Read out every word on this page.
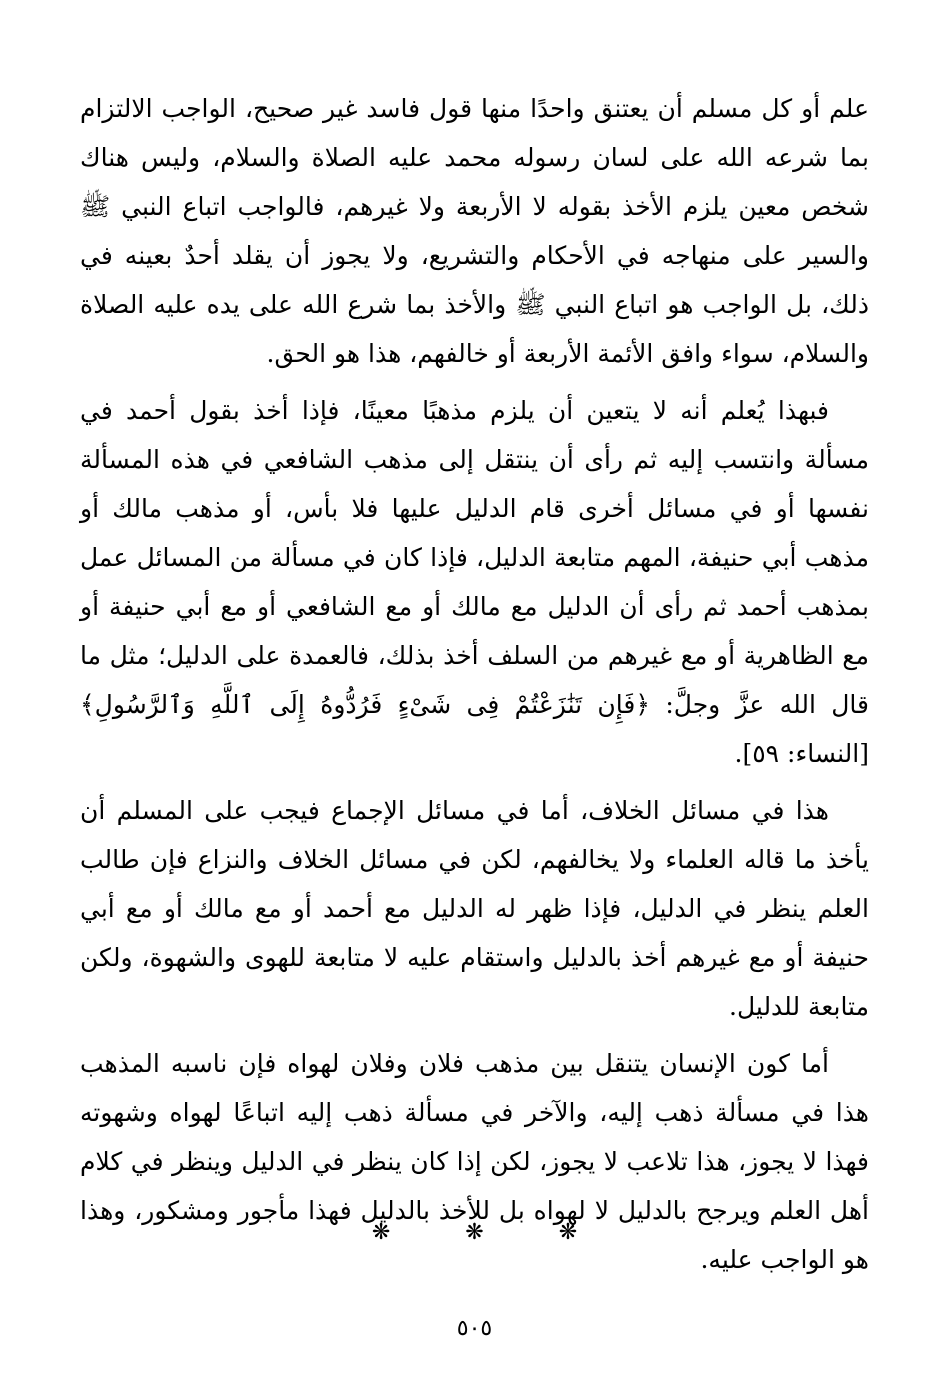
علم أو كل مسلم أن يعتنق واحدًا منها قول فاسد غير صحيح، الواجب الالتزام بما شرعه الله على لسان رسوله محمد عليه الصلاة والسلام، وليس هناك شخص معين يلزم الأخذ بقوله لا الأربعة ولا غيرهم، فالواجب اتباع النبي ﷺ والسير على منهاجه في الأحكام والتشريع، ولا يجوز أن يقلد أحدٌ بعينه في ذلك، بل الواجب هو اتباع النبي ﷺ والأخذ بما شرع الله على يده عليه الصلاة والسلام، سواء وافق الأئمة الأربعة أو خالفهم، هذا هو الحق.

فبهذا يُعلم أنه لا يتعين أن يلزم مذهبًا معينًا، فإذا أخذ بقول أحمد في مسألة وانتسب إليه ثم رأى أن ينتقل إلى مذهب الشافعي في هذه المسألة نفسها أو في مسائل أخرى قام الدليل عليها فلا بأس، أو مذهب مالك أو مذهب أبي حنيفة، المهم متابعة الدليل، فإذا كان في مسألة من المسائل عمل بمذهب أحمد ثم رأى أن الدليل مع مالك أو مع الشافعي أو مع أبي حنيفة أو مع الظاهرية أو مع غيرهم من السلف أخذ بذلك، فالعمدة على الدليل؛ مثل ما قال الله عزَّ وجلَّ: ﴿فَإِن تَنَٰزَعْتُمْ فِى شَىْءٍ فَرُدُّوهُ إِلَى ٱللَّهِ وَٱلرَّسُولِ﴾ [النساء: ٥٩].

هذا في مسائل الخلاف، أما في مسائل الإجماع فيجب على المسلم أن يأخذ ما قاله العلماء ولا يخالفهم، لكن في مسائل الخلاف والنزاع فإن طالب العلم ينظر في الدليل، فإذا ظهر له الدليل مع أحمد أو مع مالك أو مع أبي حنيفة أو مع غيرهم أخذ بالدليل واستقام عليه لا متابعة للهوى والشهوة، ولكن متابعة للدليل.

أما كون الإنسان يتنقل بين مذهب فلان وفلان لهواه فإن ناسبه المذهب هذا في مسألة ذهب إليه، والآخر في مسألة ذهب إليه اتباعًا لهواه وشهوته فهذا لا يجوز، هذا تلاعب لا يجوز، لكن إذا كان ينظر في الدليل وينظر في كلام أهل العلم ويرجح بالدليل لا لهواه بل للأخذ بالدليل فهذا مأجور ومشكور، وهذا هو الواجب عليه.

❋	❋	❋
٥٠٥
